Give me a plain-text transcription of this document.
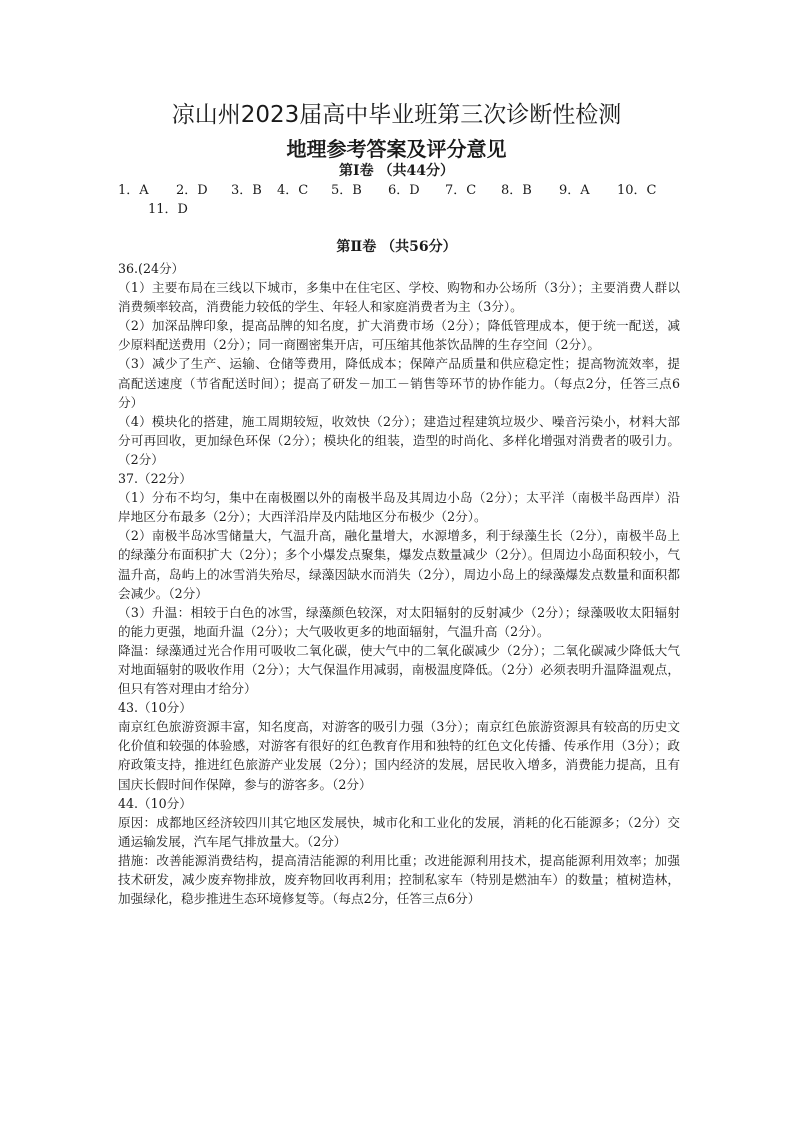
凉山州2023届高中毕业班第三次诊断性检测
地理参考答案及评分意见
第Ⅰ卷 （共44分）
1．A	2．D	3．B	4．C	5．B	6．D	7．C	8．B	9．A	10．C
11．D
第Ⅱ卷 （共56分）

36.(24分）

（1）主要布局在三线以下城市，多集中在住宅区、学校、购物和办公场所（3分）；主要消费人群以消费频率较高，消费能力较低的学生、年轻人和家庭消费者为主（3分）。

（2）加深品牌印象，提高品牌的知名度，扩大消费市场（2分）；降低管理成本，便于统一配送，减少原料配送费用（2分）；同一商圈密集开店，可压缩其他茶饮品牌的生存空间（2分）。

（3）减少了生产、运输、仓储等费用，降低成本；保障产品质量和供应稳定性；提高物流效率，提高配送速度（节省配送时间）；提高了研发－加工－销售等环节的协作能力。（每点2分，任答三点6分）

（4）模块化的搭建，施工周期较短，收效快（2分）；建造过程建筑垃圾少、噪音污染小，材料大部分可再回收，更加绿色环保（2分）；模块化的组装，造型的时尚化、多样化增强对消费者的吸引力。（2分）

37.（22分）

（1）分布不均匀，集中在南极圈以外的南极半岛及其周边小岛（2分）；太平洋（南极半岛西岸）沿岸地区分布最多（2分）；大西洋沿岸及内陆地区分布极少（2分）。

（2）南极半岛冰雪储量大，气温升高，融化量增大，水源增多，利于绿藻生长（2分），南极半岛上的绿藻分布面积扩大（2分）；多个小爆发点聚集，爆发点数量减少（2分）。但周边小岛面积较小，气温升高，岛屿上的冰雪消失殆尽，绿藻因缺水而消失（2分），周边小岛上的绿藻爆发点数量和面积都会减少。（2分）

（3）升温：相较于白色的冰雪，绿藻颜色较深，对太阳辐射的反射减少（2分）；绿藻吸收太阳辐射的能力更强，地面升温（2分）；大气吸收更多的地面辐射，气温升高（2分）。

降温：绿藻通过光合作用可吸收二氧化碳，使大气中的二氧化碳减少（2分）；二氧化碳减少降低大气对地面辐射的吸收作用（2分）；大气保温作用减弱，南极温度降低。（2分）必须表明升温降温观点，但只有答对理由才给分）

43.（10分）

南京红色旅游资源丰富，知名度高，对游客的吸引力强（3分）；南京红色旅游资源具有较高的历史文化价值和较强的体验感，对游客有很好的红色教育作用和独特的红色文化传播、传承作用（3分）；政府政策支持，推进红色旅游产业发展（2分）；国内经济的发展，居民收入增多，消费能力提高，且有国庆长假时间作保障，参与的游客多。（2分）

44.（10分）

原因：成都地区经济较四川其它地区发展快，城市化和工业化的发展，消耗的化石能源多；（2分）交通运输发展，汽车尾气排放量大。（2分）

措施：改善能源消费结构，提高清洁能源的利用比重；改进能源利用技术，提高能源利用效率；加强技术研发，减少废弃物排放，废弃物回收再利用；控制私家车（特别是燃油车）的数量；植树造林，加强绿化，稳步推进生态环境修复等。（每点2分，任答三点6分）
